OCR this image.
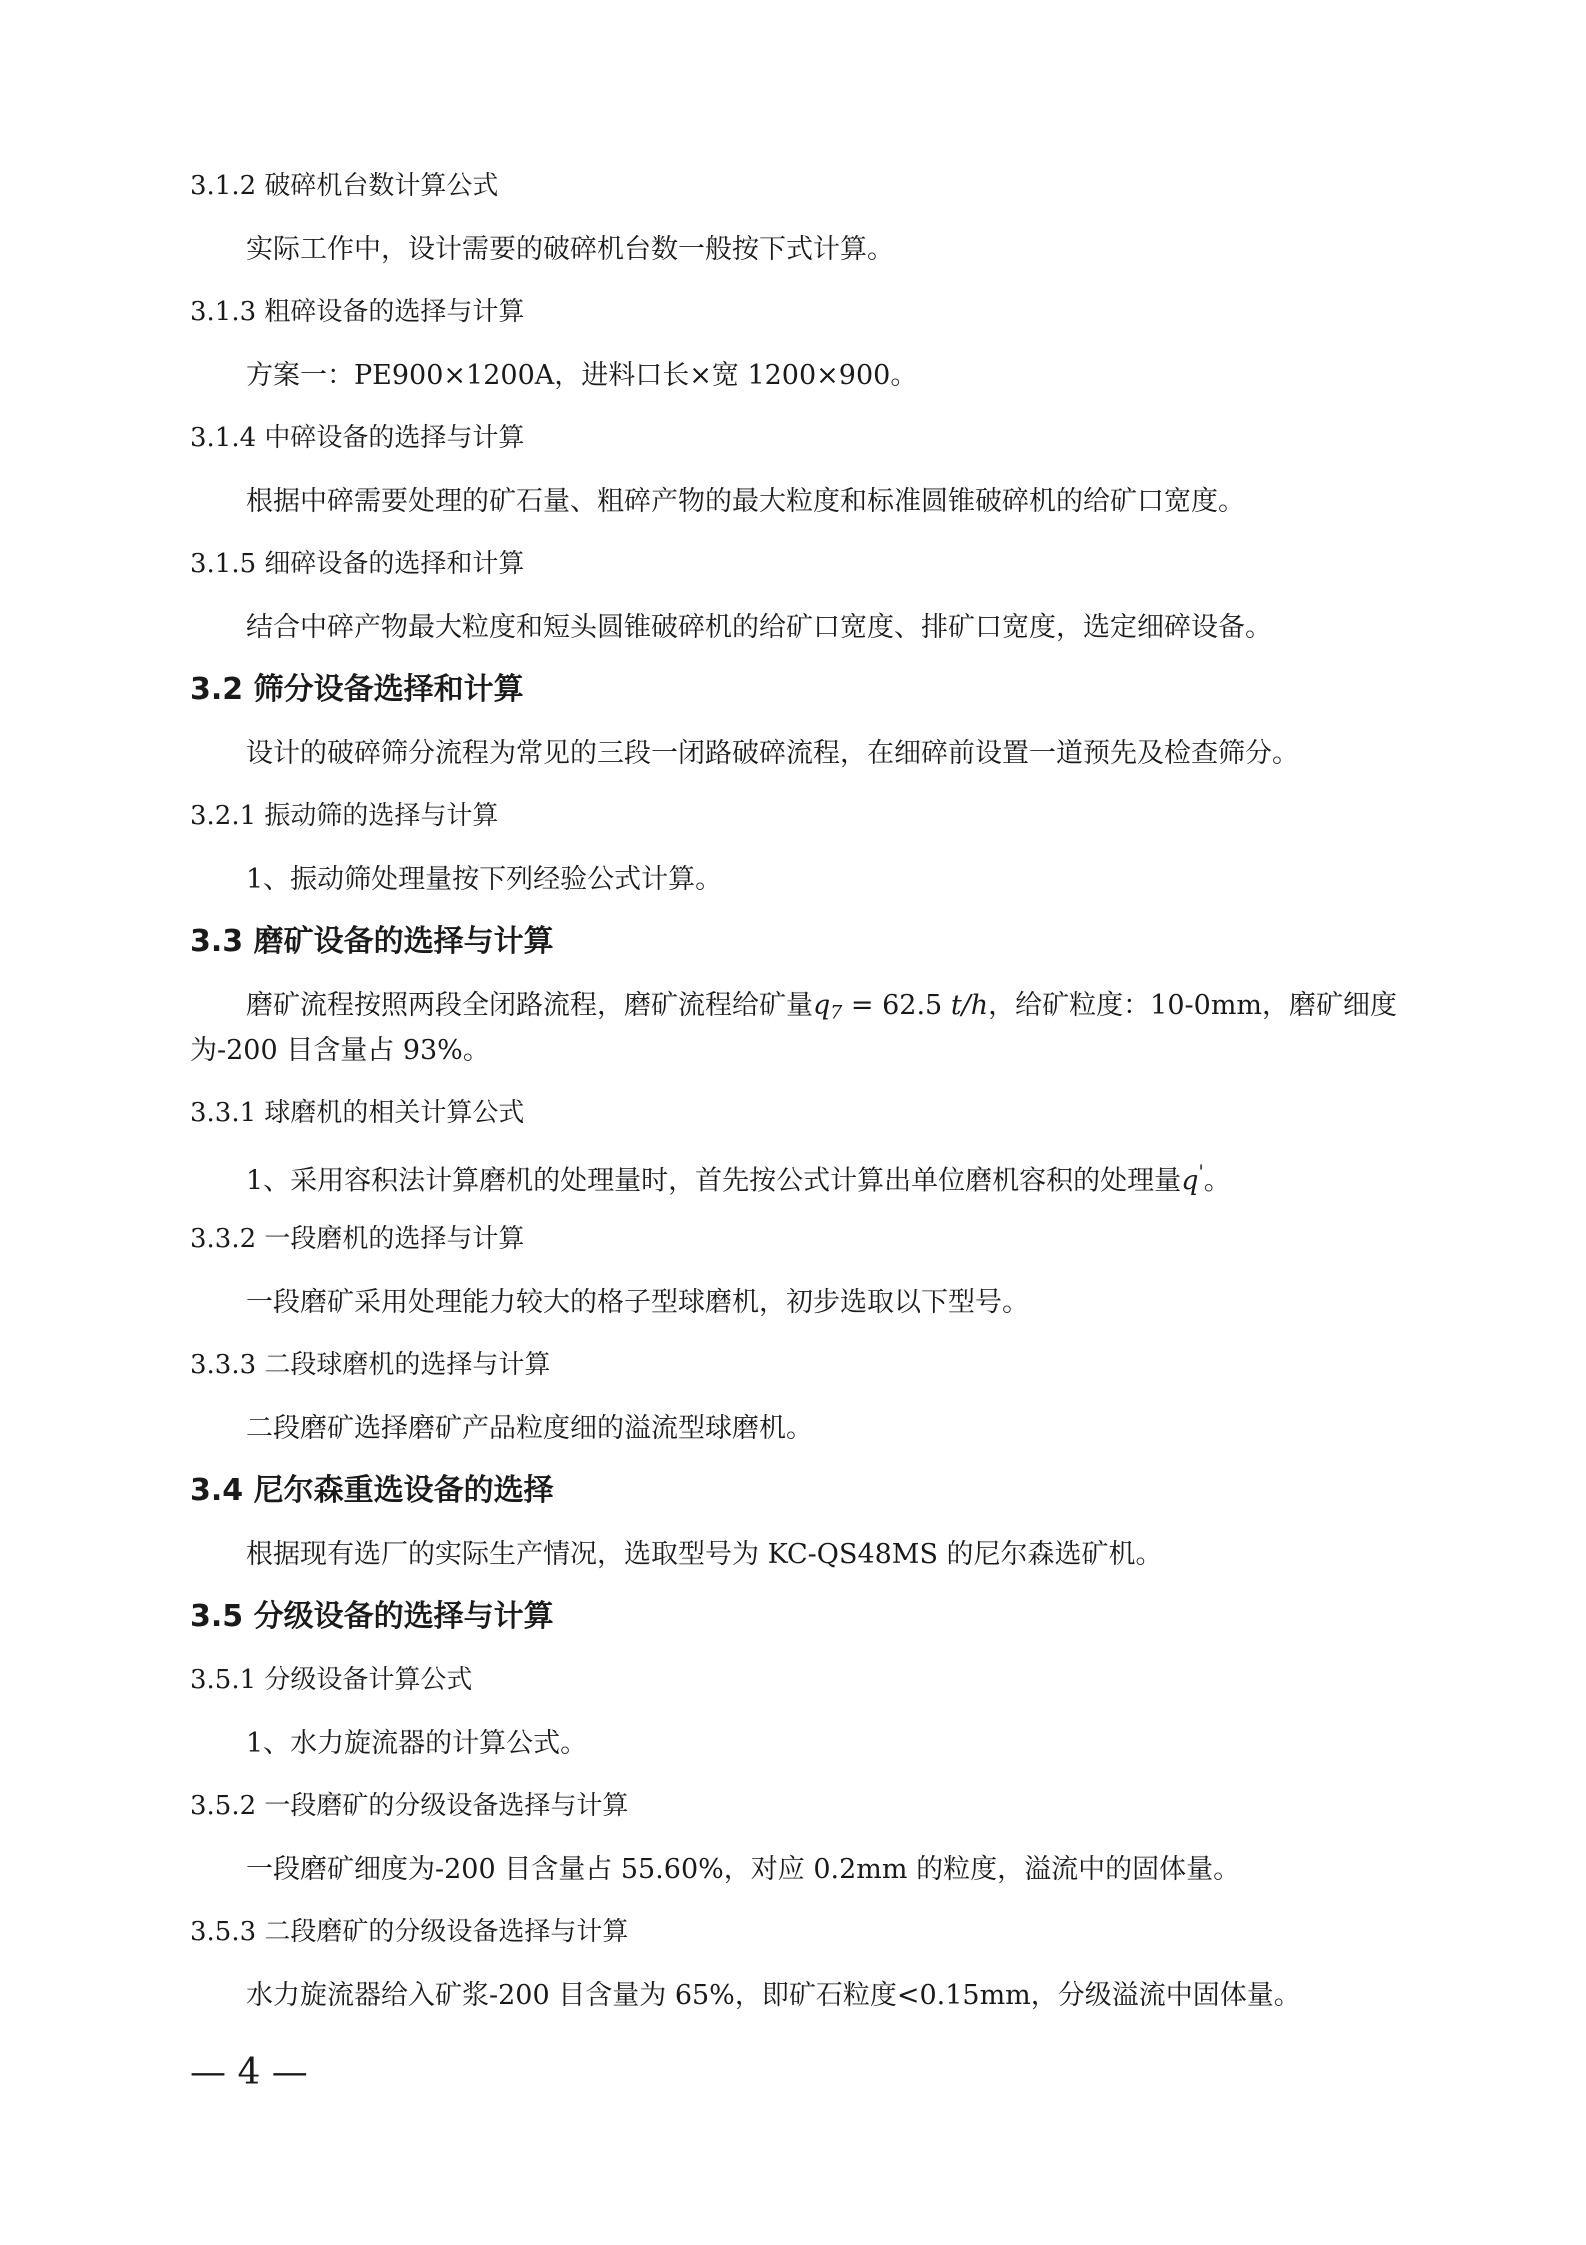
3.1.2 破碎机台数计算公式
实际工作中，设计需要的破碎机台数一般按下式计算。
3.1.3 粗碎设备的选择与计算
方案一：PE900×1200A，进料口长×宽 1200×900。
3.1.4 中碎设备的选择与计算
根据中碎需要处理的矿石量、粗碎产物的最大粒度和标准圆锥破碎机的给矿口宽度。
3.1.5 细碎设备的选择和计算
结合中碎产物最大粒度和短头圆锥破碎机的给矿口宽度、排矿口宽度，选定细碎设备。
3.2 筛分设备选择和计算
设计的破碎筛分流程为常见的三段一闭路破碎流程，在细碎前设置一道预先及检查筛分。
3.2.1 振动筛的选择与计算
1、振动筛处理量按下列经验公式计算。
3.3 磨矿设备的选择与计算
磨矿流程按照两段全闭路流程，磨矿流程给矿量$q_7 = 62.5$ t/h，给矿粒度：10-0mm，磨矿细度
为-200 目含量占 93%。
3.3.1 球磨机的相关计算公式
1、采用容积法计算磨机的处理量时，首先按公式计算出单位磨机容积的处理量q'。
3.3.2 一段磨机的选择与计算
一段磨矿采用处理能力较大的格子型球磨机，初步选取以下型号。
3.3.3 二段球磨机的选择与计算
二段磨矿选择磨矿产品粒度细的溢流型球磨机。
3.4 尼尔森重选设备的选择
根据现有选厂的实际生产情况，选取型号为 KC-QS48MS 的尼尔森选矿机。
3.5 分级设备的选择与计算
3.5.1 分级设备计算公式
1、水力旋流器的计算公式。
3.5.2 一段磨矿的分级设备选择与计算
一段磨矿细度为-200 目含量占 55.60%，对应 0.2mm 的粒度，溢流中的固体量。
3.5.3 二段磨矿的分级设备选择与计算
水力旋流器给入矿浆-200 目含量为 65%，即矿石粒度<0.15mm，分级溢流中固体量。
— 4 —
